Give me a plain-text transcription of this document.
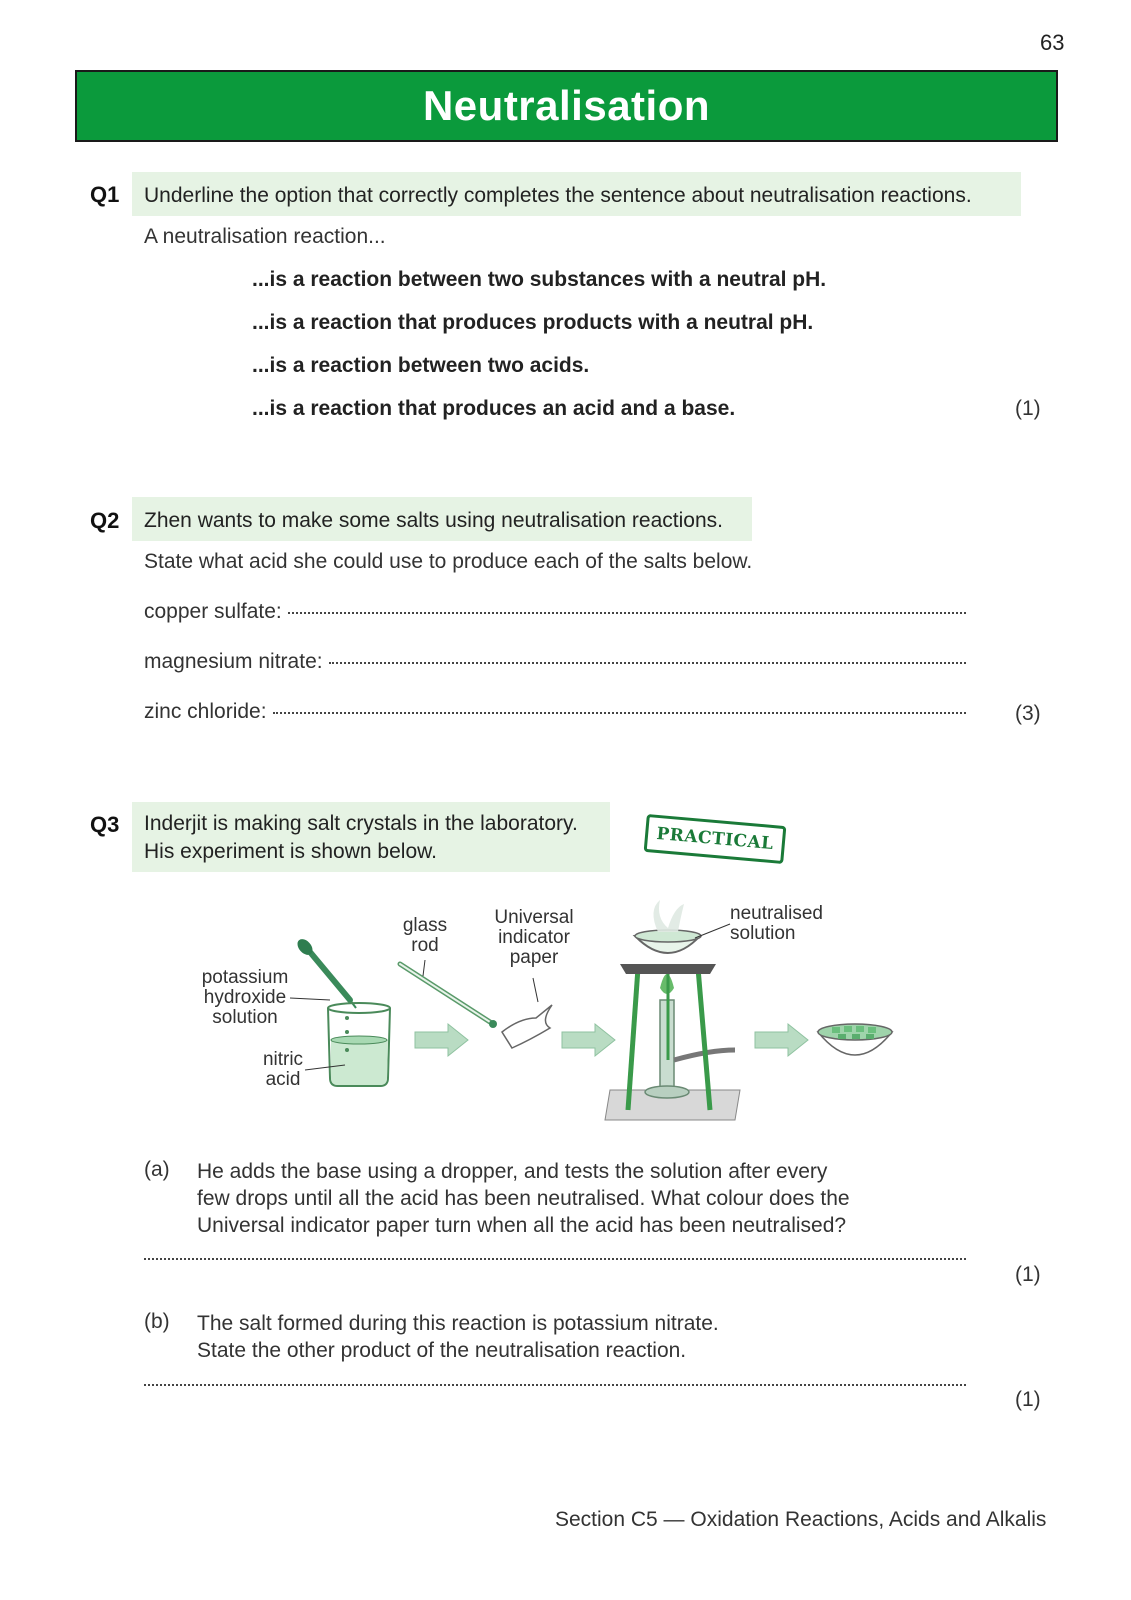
63
Neutralisation
Q1	Underline the option that correctly completes the sentence about neutralisation reactions.
A neutralisation reaction...
...is a reaction between two substances with a neutral pH.
...is a reaction that produces products with a neutral pH.
...is a reaction between two acids.
...is a reaction that produces an acid and a base.	(1)
Q2	Zhen wants to make some salts using neutralisation reactions.
State what acid she could use to produce each of the salts below.
copper sulfate:
magnesium nitrate:
zinc chloride:	(3)
Q3 Inderjit is making salt crystals in the laboratory.
His experiment is shown below.	PRACTICAL
potassium
hydroxide
solution
nitric
acid
glass
rod
Universal
indicator
paper
neutralised
solution
(a) He adds the base using a dropper, and tests the solution after every
few drops until all the acid has been neutralised. What colour does the
Universal indicator paper turn when all the acid has been neutralised?
(1)
(b) The salt formed during this reaction is potassium nitrate.
State the other product of the neutralisation reaction.
(1)
Section C5 — Oxidation Reactions, Acids and Alkalis
